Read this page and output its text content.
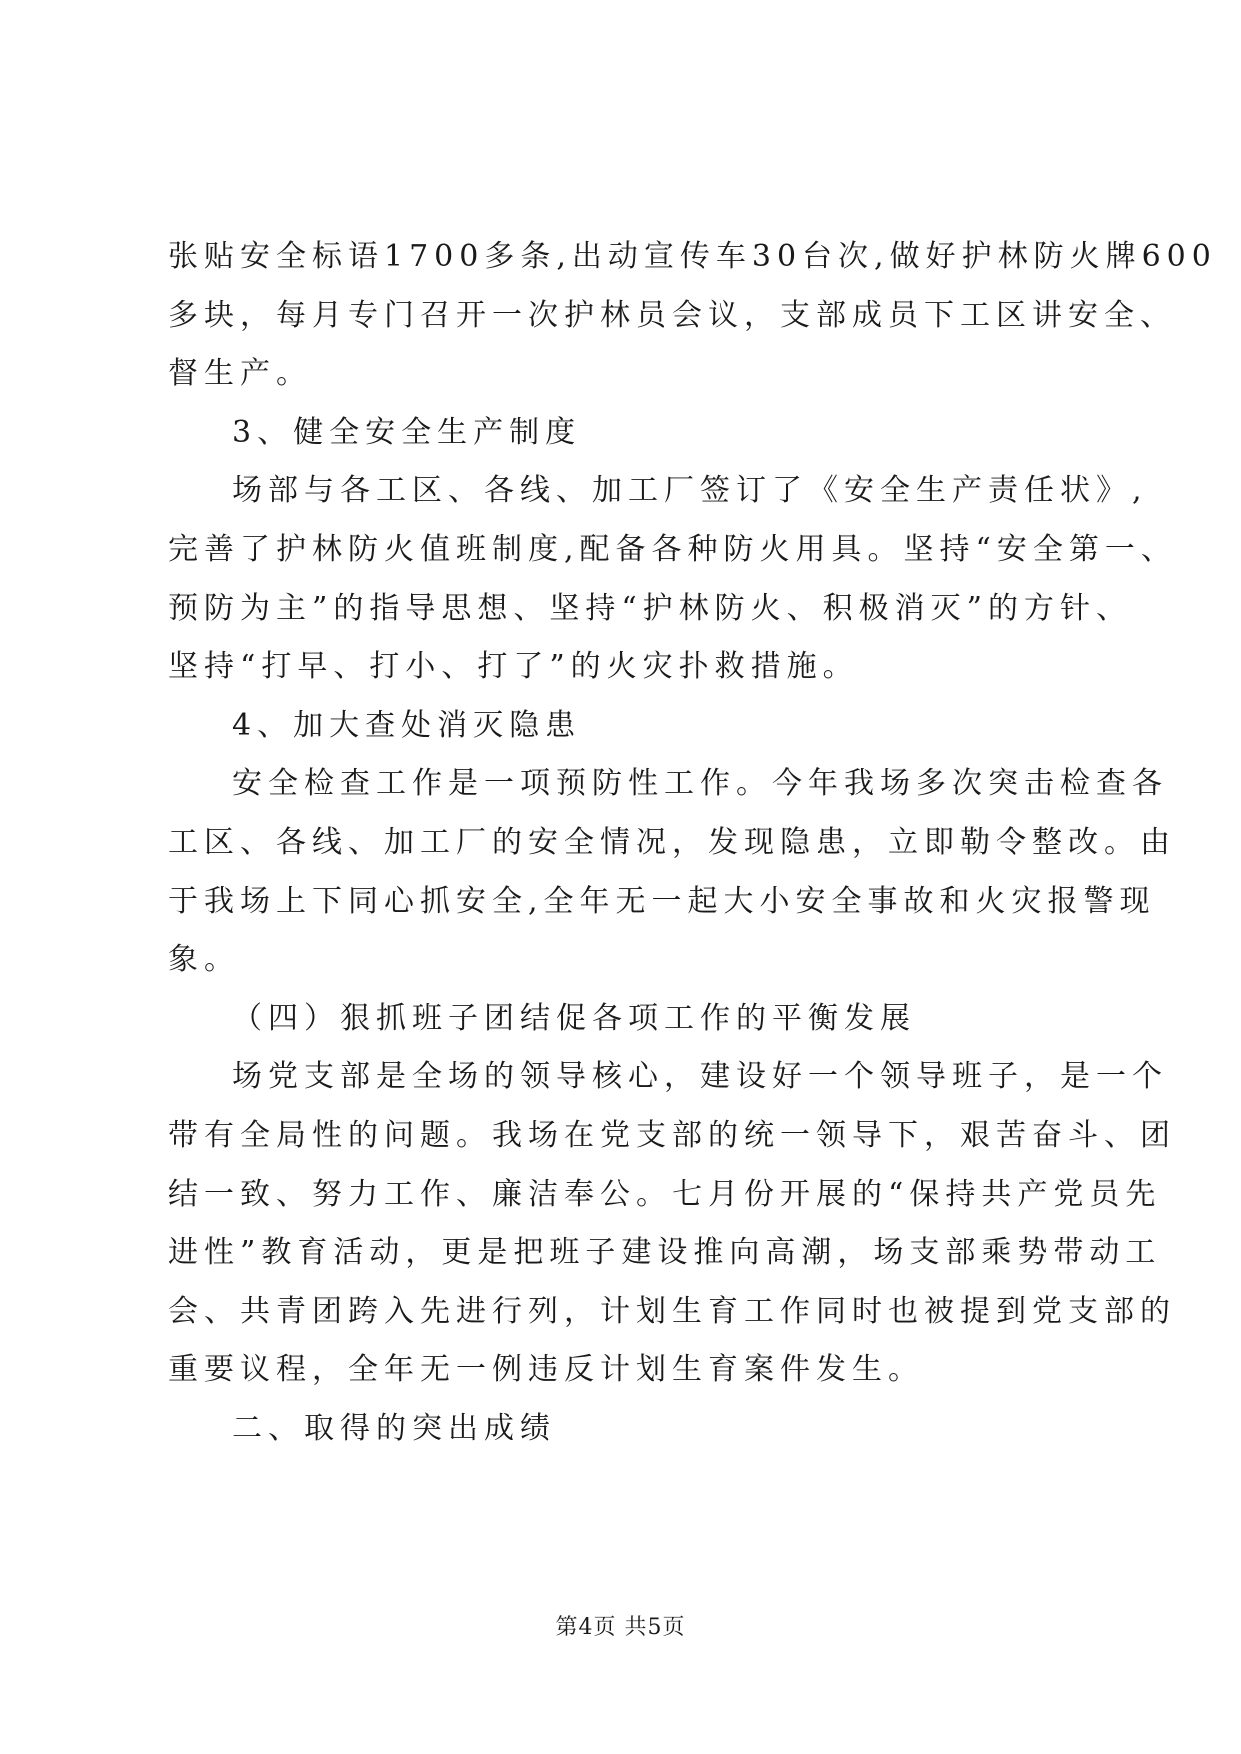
张贴安全标语1700多条,出动宣传车30台次,做好护林防火牌600
多块，每月专门召开一次护林员会议，支部成员下工区讲安全、
督生产。
3、健全安全生产制度
场部与各工区、各线、加工厂签订了《安全生产责任状》,
完善了护林防火值班制度,配备各种防火用具。坚持“安全第一、
预防为主”的指导思想、坚持“护林防火、积极消灭”的方针、
坚持“打早、打小、打了”的火灾扑救措施。
4、加大查处消灭隐患
安全检查工作是一项预防性工作。今年我场多次突击检查各
工区、各线、加工厂的安全情况，发现隐患，立即勒令整改。由
于我场上下同心抓安全,全年无一起大小安全事故和火灾报警现
象。
（四）狠抓班子团结促各项工作的平衡发展
场党支部是全场的领导核心，建设好一个领导班子，是一个
带有全局性的问题。我场在党支部的统一领导下，艰苦奋斗、团
结一致、努力工作、廉洁奉公。七月份开展的“保持共产党员先
进性”教育活动，更是把班子建设推向高潮，场支部乘势带动工
会、共青团跨入先进行列，计划生育工作同时也被提到党支部的
重要议程，全年无一例违反计划生育案件发生。
二、取得的突出成绩
第4页 共5页
